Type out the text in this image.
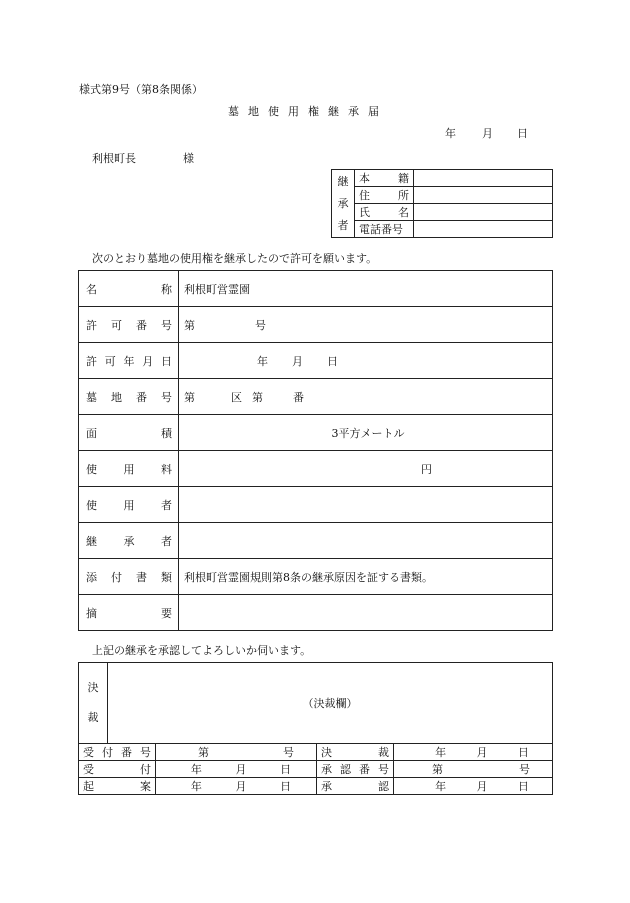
様式第9号（第8条関係）
墓地使用権継承届
年 月 日
利根町長	様
継
承
者	本 籍	

	住 所	

	氏 名	

	電話番号	

次のとおり墓地の使用権を継承したので許可を願います。
名 称	利根町営霊園

許 可 番 号	第 号

許 可 年 月 日	年 月 日

墓 地 番 号	第 区 第 番

面 積	3平方メートル

使 用 料	円

使 用 者	

継 承 者	

添 付 書 類	利根町営霊園規則第8条の継承原因を証する書類。

摘 要	

上記の継承を承認してよろしいか伺います。
決
裁	（決裁欄）
受 付 番 号	第 号	決 裁	年 月 日

受 付	年 月 日	承 認 番 号	第 号

起 案	年 月 日	承 認	年 月 日
